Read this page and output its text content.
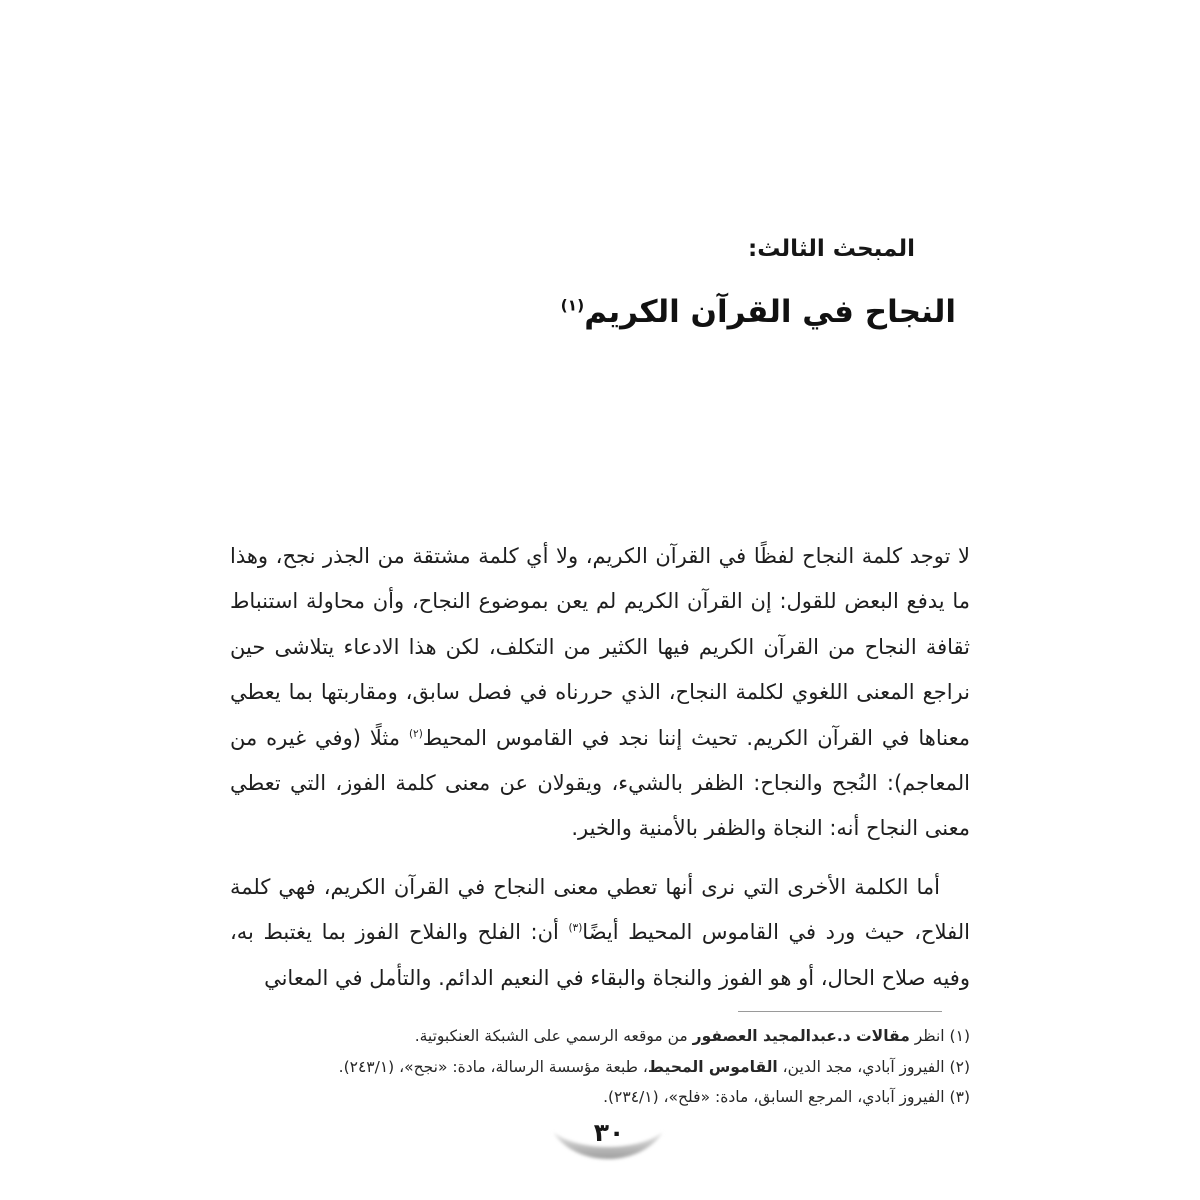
المبحث الثالث:
النجاح في القرآن الكريم$^{(١)}$

لا توجد كلمة النجاح لفظًا في القرآن الكريم، ولا أي كلمة مشتقة من الجذر نجح، وهذا ما يدفع البعض للقول: إن القرآن الكريم لم يعن بموضوع النجاح، وأن محاولة استنباط ثقافة النجاح من القرآن الكريم فيها الكثير من التكلف، لكن هذا الادعاء يتلاشى حين نراجع المعنى اللغوي لكلمة النجاح، الذي حررناه في فصل سابق، ومقاربتها بما يعطي معناها في القرآن الكريم. تحيث إننا نجد في القاموس المحيط$^{(٢)}$ مثلًا (وفي غيره من المعاجم): النُجح والنجاح: الظفر بالشيء، ويقولان عن معنى كلمة الفوز، التي تعطي معنى النجاح أنه: النجاة والظفر بالأمنية والخير.

أما الكلمة الأخرى التي نرى أنها تعطي معنى النجاح في القرآن الكريم، فهي كلمة الفلاح، حيث ورد في القاموس المحيط أيضًا$^{(٣)}$ أن: الفلح والفلاح الفوز بما يغتبط به، وفيه صلاح الحال، أو هو الفوز والنجاة والبقاء في النعيم الدائم. والتأمل في المعاني

(١) انظر مقالات د.عبدالمجيد العصفور من موقعه الرسمي على الشبكة العنكبوتية.
(٢) الفيروز آبادي، مجد الدين، القاموس المحيط، طبعة مؤسسة الرسالة، مادة: «نجح»، (٢٤٣/١).
(٣) الفيروز آبادي، المرجع السابق، مادة: «فلح»، (٢٣٤/١).
٣٠
